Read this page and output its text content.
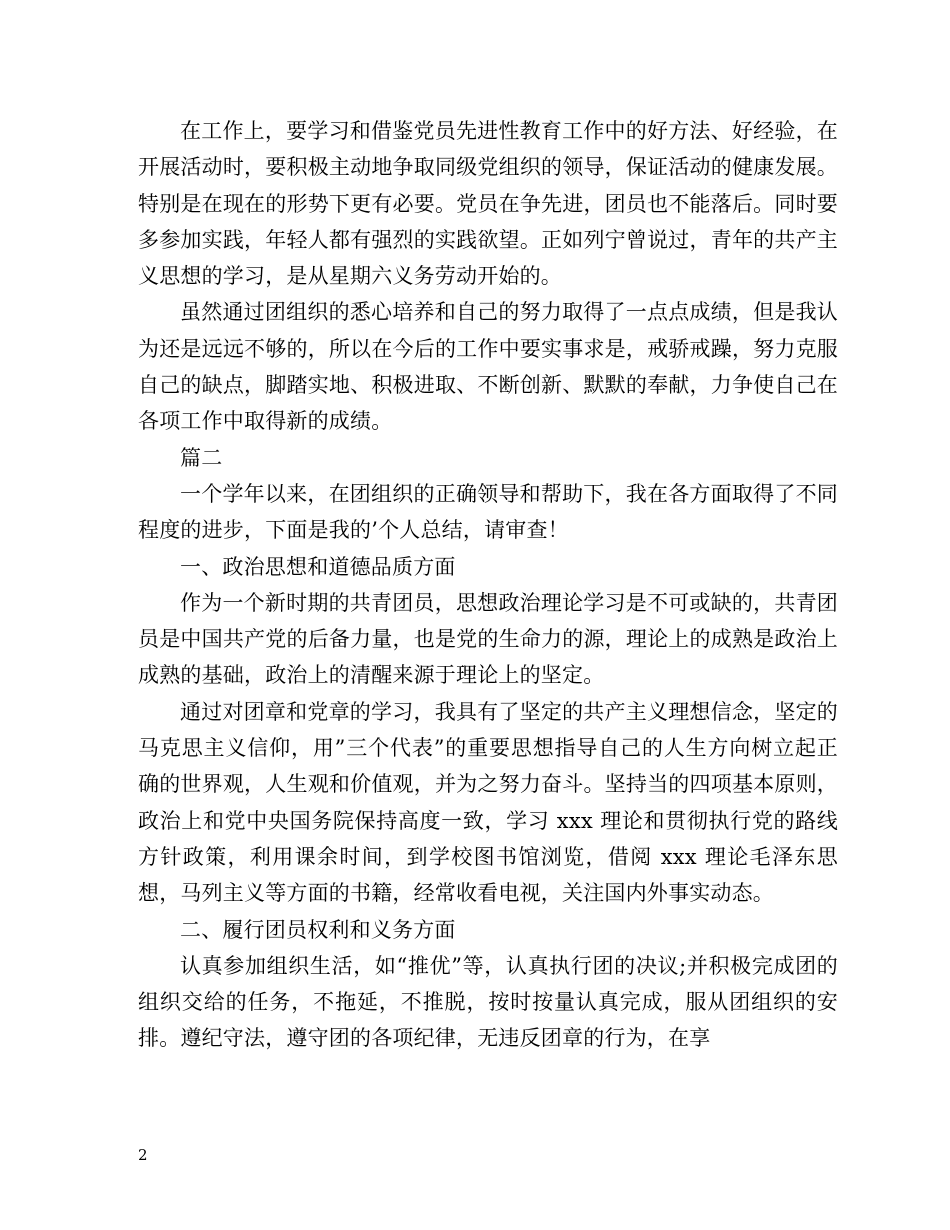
在工作上，要学习和借鉴党员先进性教育工作中的好方法、好经验，在开展活动时，要积极主动地争取同级党组织的领导，保证活动的健康发展。特别是在现在的形势下更有必要。党员在争先进，团员也不能落后。同时要多参加实践，年轻人都有强烈的实践欲望。正如列宁曾说过，青年的共产主义思想的学习，是从星期六义务劳动开始的。

虽然通过团组织的悉心培养和自己的努力取得了一点点成绩，但是我认为还是远远不够的，所以在今后的工作中要实事求是，戒骄戒躁，努力克服自己的缺点，脚踏实地、积极进取、不断创新、默默的奉献，力争使自己在各项工作中取得新的成绩。

篇二

一个学年以来，在团组织的正确领导和帮助下，我在各方面取得了不同程度的进步，下面是我的’个人总结，请审查！

一、政治思想和道德品质方面

作为一个新时期的共青团员，思想政治理论学习是不可或缺的，共青团员是中国共产党的后备力量，也是党的生命力的源，理论上的成熟是政治上成熟的基础，政治上的清醒来源于理论上的坚定。

通过对团章和党章的学习，我具有了坚定的共产主义理想信念，坚定的马克思主义信仰，用”三个代表”的重要思想指导自己的人生方向树立起正确的世界观，人生观和价值观，并为之努力奋斗。坚持当的四项基本原则，政治上和党中央国务院保持高度一致，学习 xxx 理论和贯彻执行党的路线方针政策，利用课余时间，到学校图书馆浏览，借阅 xxx 理论毛泽东思想，马列主义等方面的书籍，经常收看电视，关注国内外事实动态。

二、履行团员权利和义务方面

认真参加组织生活，如“推优”等，认真执行团的决议;并积极完成团的组织交给的任务，不拖延，不推脱，按时按量认真完成，服从团组织的安排。遵纪守法，遵守团的各项纪律，无违反团章的行为，在享

2
